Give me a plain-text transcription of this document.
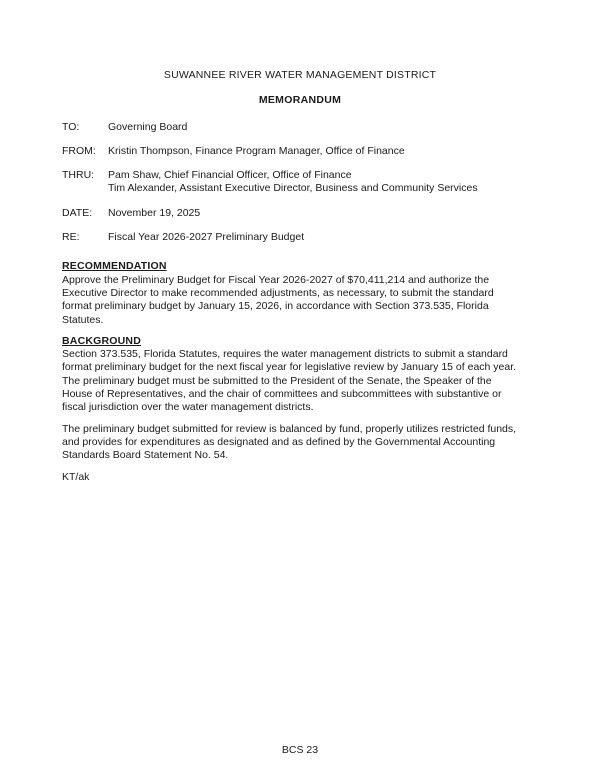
SUWANNEE RIVER WATER MANAGEMENT DISTRICT
MEMORANDUM
TO:	Governing Board
FROM:	Kristin Thompson, Finance Program Manager, Office of Finance
THRU:	Pam Shaw, Chief Financial Officer, Office of Finance
Tim Alexander, Assistant Executive Director, Business and Community Services
DATE:	November 19, 2025
RE:	Fiscal Year 2026-2027 Preliminary Budget
RECOMMENDATION

Approve the Preliminary Budget for Fiscal Year 2026-2027 of $70,411,214 and authorize the Executive Director to make recommended adjustments, as necessary, to submit the standard format preliminary budget by January 15, 2026, in accordance with Section 373.535, Florida Statutes.

BACKGROUND

Section 373.535, Florida Statutes, requires the water management districts to submit a standard format preliminary budget for the next fiscal year for legislative review by January 15 of each year. The preliminary budget must be submitted to the President of the Senate, the Speaker of the House of Representatives, and the chair of committees and subcommittees with substantive or fiscal jurisdiction over the water management districts.

The preliminary budget submitted for review is balanced by fund, properly utilizes restricted funds, and provides for expenditures as designated and as defined by the Governmental Accounting Standards Board Statement No. 54.

KT/ak
BCS 23
